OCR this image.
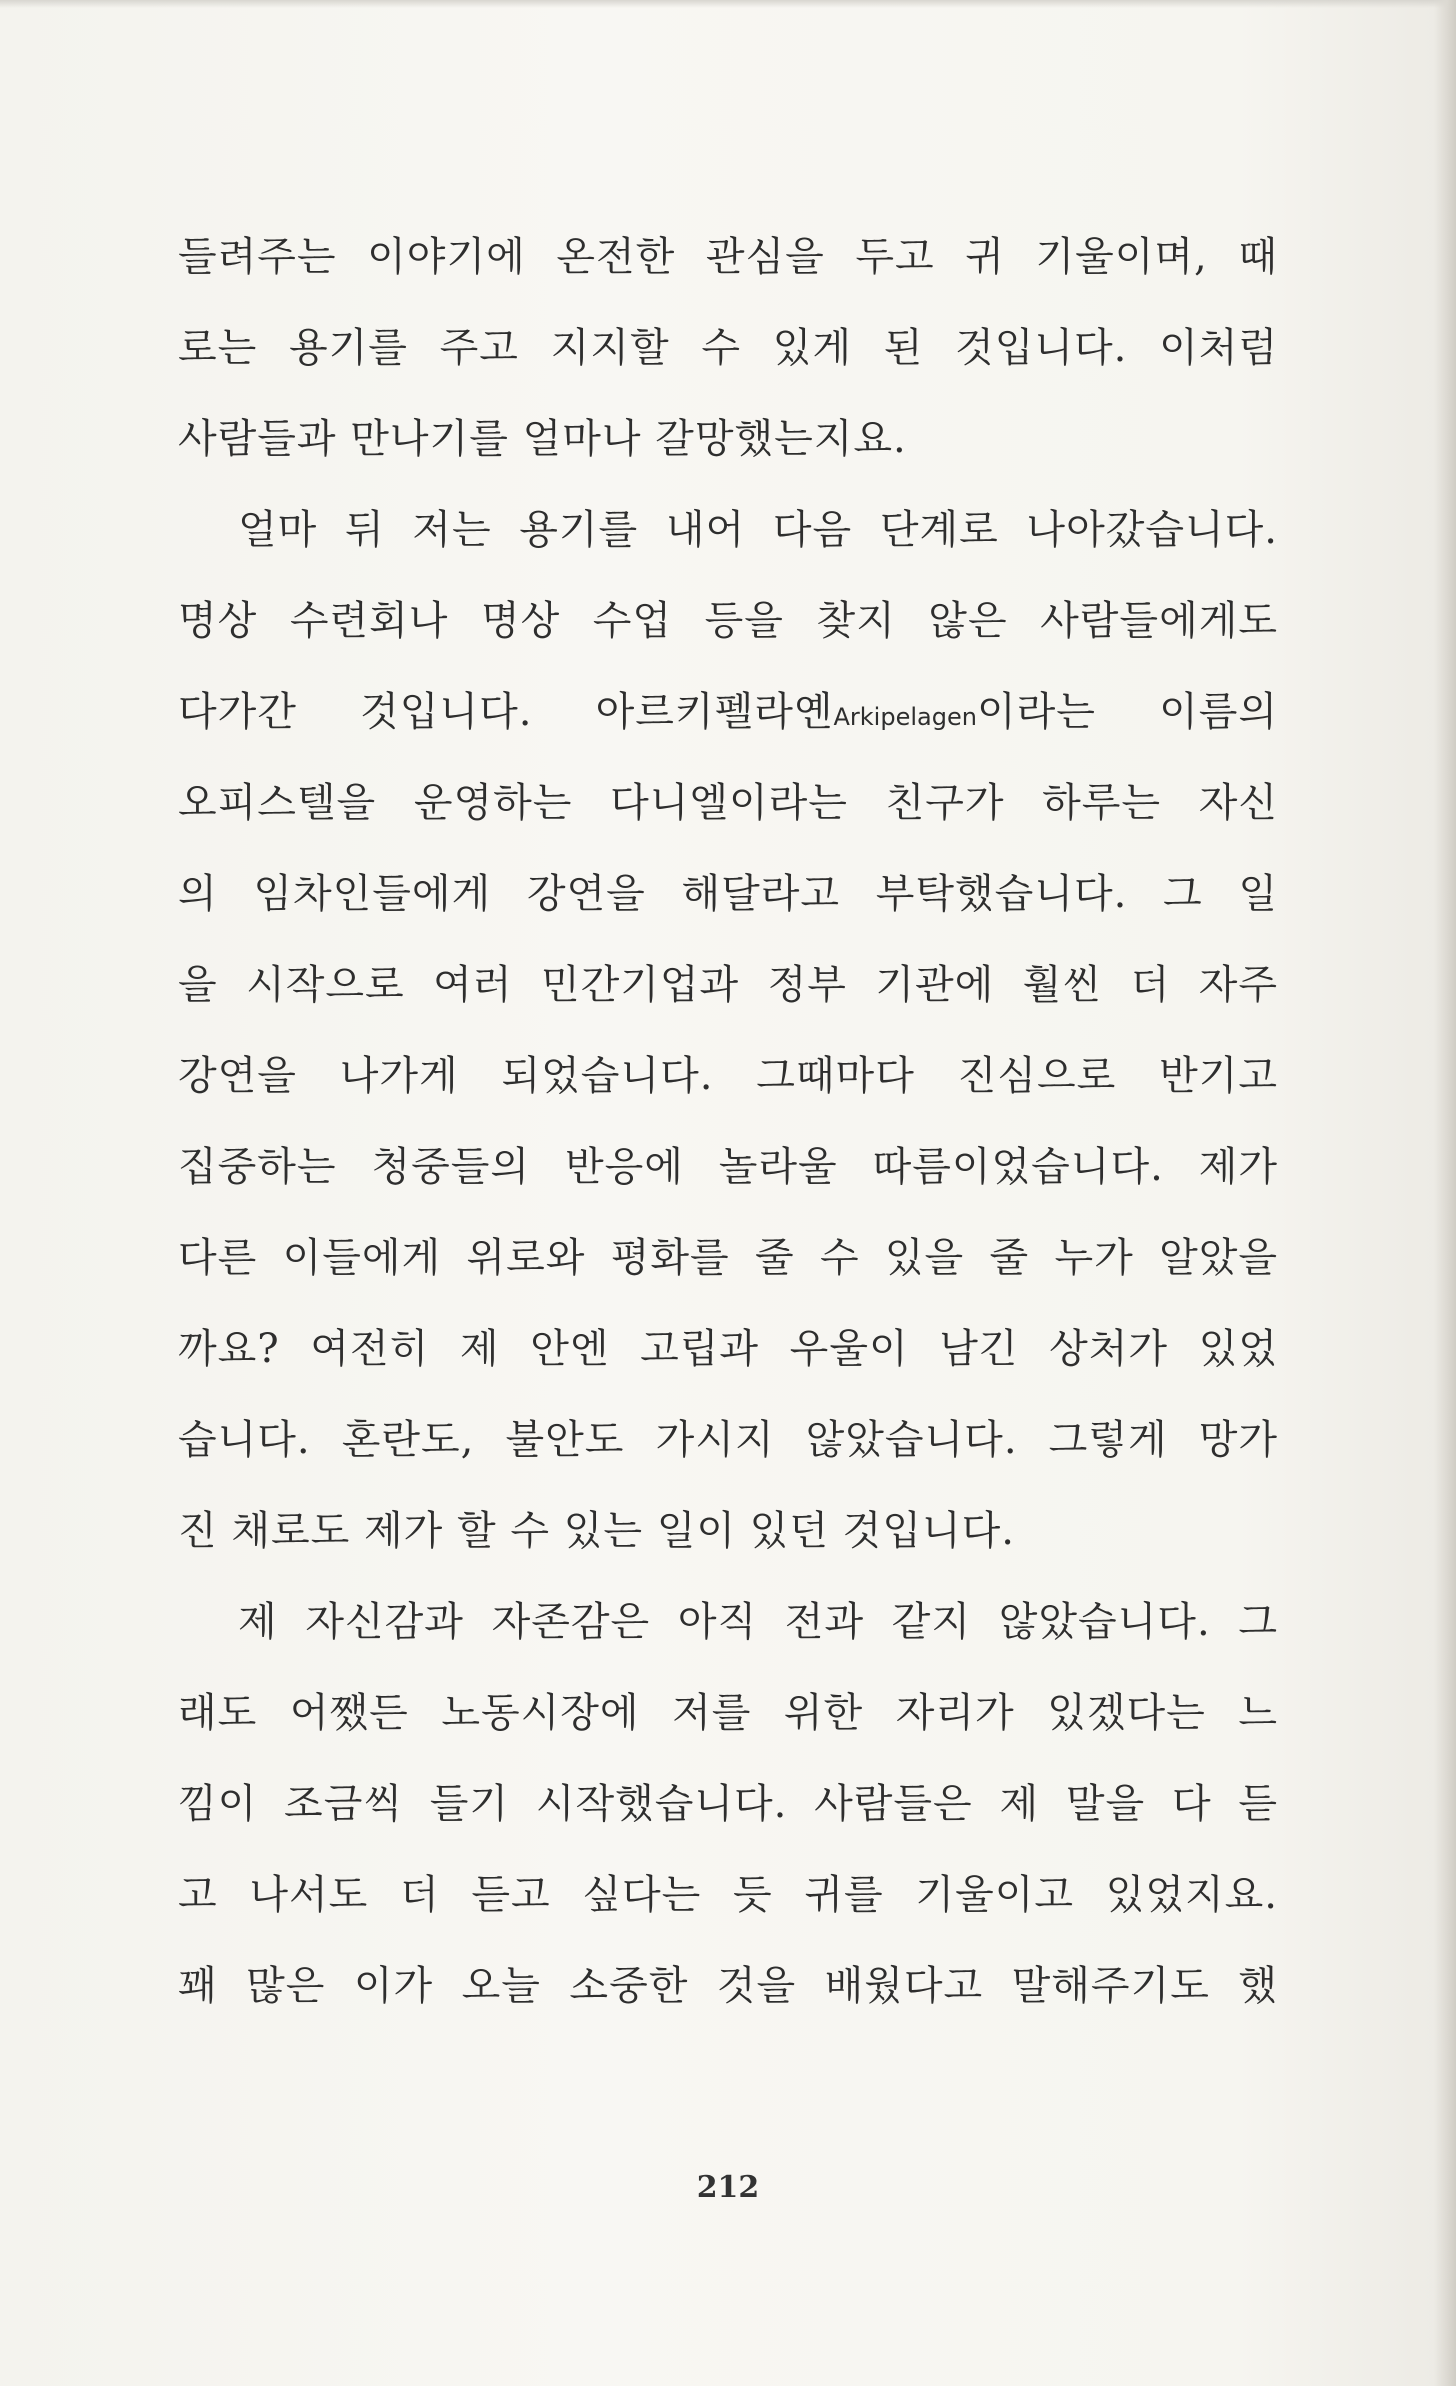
들려주는 이야기에 온전한 관심을 두고 귀 기울이며, 때
로는 용기를 주고 지지할 수 있게 된 것입니다. 이처럼
사람들과 만나기를 얼마나 갈망했는지요.
얼마 뒤 저는 용기를 내어 다음 단계로 나아갔습니다.
명상 수련회나 명상 수업 등을 찾지 않은 사람들에게도
다가간 것입니다. 아르키펠라옌Arkipelagen이라는 이름의
오피스텔을 운영하는 다니엘이라는 친구가 하루는 자신
의 임차인들에게 강연을 해달라고 부탁했습니다. 그 일
을 시작으로 여러 민간기업과 정부 기관에 훨씬 더 자주
강연을 나가게 되었습니다. 그때마다 진심으로 반기고
집중하는 청중들의 반응에 놀라울 따름이었습니다. 제가
다른 이들에게 위로와 평화를 줄 수 있을 줄 누가 알았을
까요? 여전히 제 안엔 고립과 우울이 남긴 상처가 있었
습니다. 혼란도, 불안도 가시지 않았습니다. 그렇게 망가
진 채로도 제가 할 수 있는 일이 있던 것입니다.
제 자신감과 자존감은 아직 전과 같지 않았습니다. 그
래도 어쨌든 노동시장에 저를 위한 자리가 있겠다는 느
낌이 조금씩 들기 시작했습니다. 사람들은 제 말을 다 듣
고 나서도 더 듣고 싶다는 듯 귀를 기울이고 있었지요.
꽤 많은 이가 오늘 소중한 것을 배웠다고 말해주기도 했
212
